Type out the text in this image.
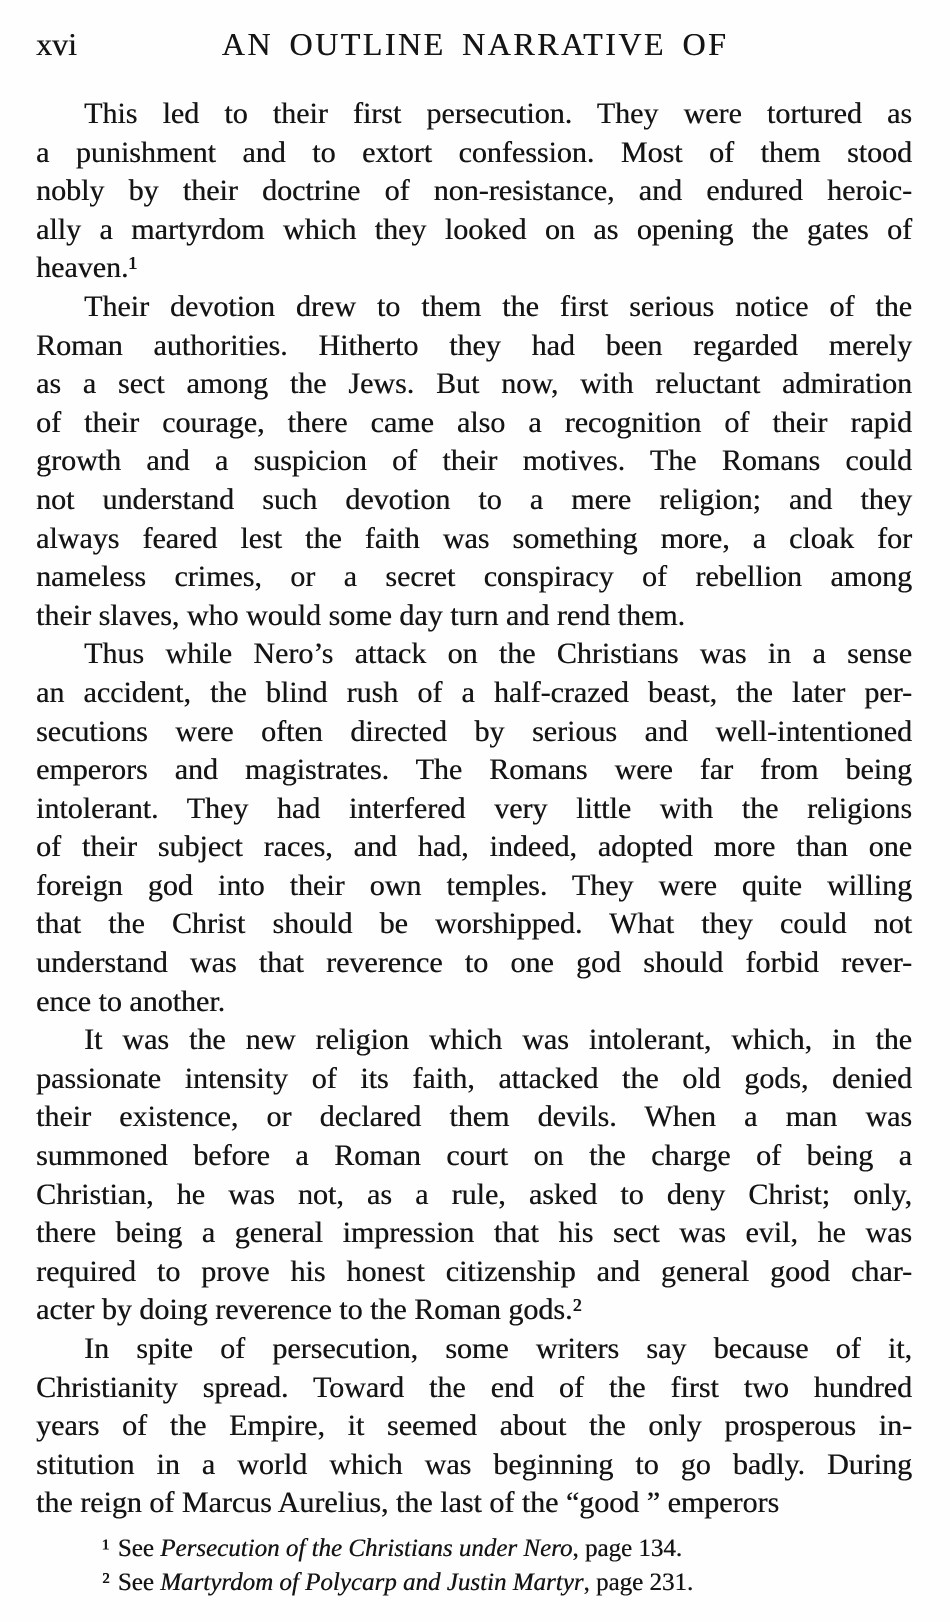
xvi	AN OUTLINE NARRATIVE OF
This led to their first persecution. They were tortured as
a punishment and to extort confession. Most of them stood
nobly by their doctrine of non-resistance, and endured heroic-
ally a martyrdom which they looked on as opening the gates of
heaven.¹
Their devotion drew to them the first serious notice of the
Roman authorities. Hitherto they had been regarded merely
as a sect among the Jews. But now, with reluctant admiration
of their courage, there came also a recognition of their rapid
growth and a suspicion of their motives. The Romans could
not understand such devotion to a mere religion; and they
always feared lest the faith was something more, a cloak for
nameless crimes, or a secret conspiracy of rebellion among
their slaves, who would some day turn and rend them.
Thus while Nero’s attack on the Christians was in a sense
an accident, the blind rush of a half-crazed beast, the later per-
secutions were often directed by serious and well-intentioned
emperors and magistrates. The Romans were far from being
intolerant. They had interfered very little with the religions
of their subject races, and had, indeed, adopted more than one
foreign god into their own temples. They were quite willing
that the Christ should be worshipped. What they could not
understand was that reverence to one god should forbid rever-
ence to another.
It was the new religion which was intolerant, which, in the
passionate intensity of its faith, attacked the old gods, denied
their existence, or declared them devils. When a man was
summoned before a Roman court on the charge of being a
Christian, he was not, as a rule, asked to deny Christ; only,
there being a general impression that his sect was evil, he was
required to prove his honest citizenship and general good char-
acter by doing reverence to the Roman gods.²
In spite of persecution, some writers say because of it,
Christianity spread. Toward the end of the first two hundred
years of the Empire, it seemed about the only prosperous in-
stitution in a world which was beginning to go badly. During
the reign of Marcus Aurelius, the last of the “good ” emperors
¹ See Persecution of the Christians under Nero, page 134.
² See Martyrdom of Polycarp and Justin Martyr, page 231.
